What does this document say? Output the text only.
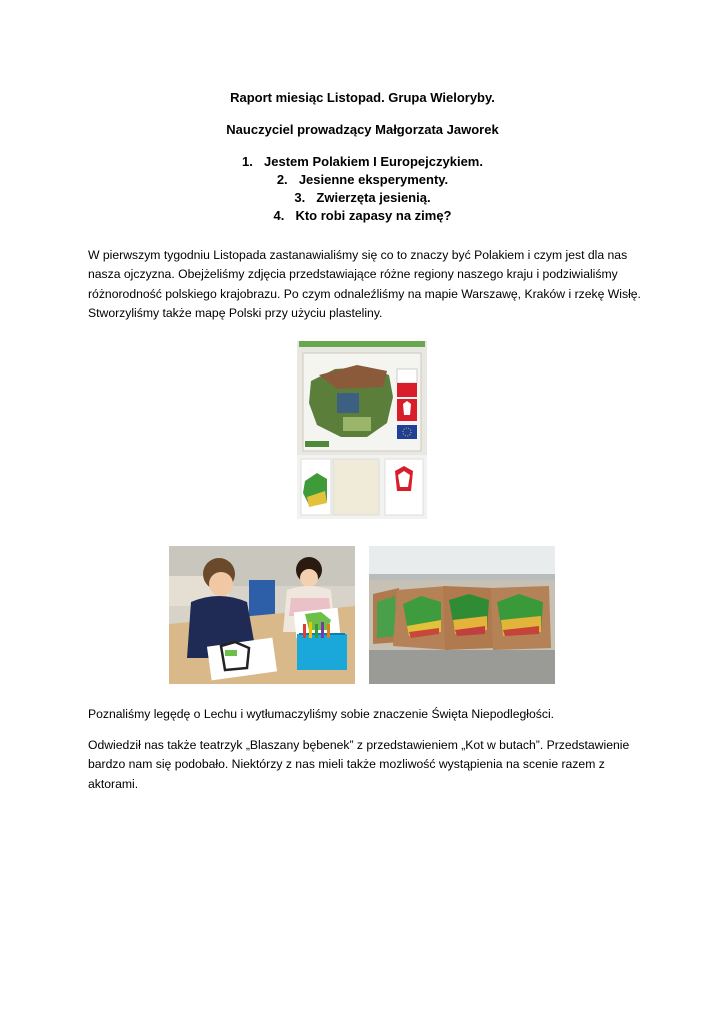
Raport miesiąc Listopad. Grupa Wieloryby.

Nauczyciel prowadzący Małgorzata Jaworek

1. Jestem Polakiem I Europejczykiem.
2. Jesienne eksperymenty.
3. Zwierzęta jesienią.
4. Kto robi zapasy na zimę?

W pierwszym tygodniu Listopada zastanawialiśmy się co to znaczy być Polakiem i czym jest dla nas nasza ojczyzna. Obejżeliśmy zdjęcia przedstawiające różne regiony naszego kraju i podziwialiśmy różnorodność polskiego krajobrazu. Po czym odnaleźliśmy na mapie Warszawę, Kraków i rzekę Wisłę. Stworzyliśmy także mapę Polski przy użyciu plasteliny.

Poznaliśmy legędę o Lechu i wytłumaczyliśmy sobie znaczenie Święta Niepodległości.

Odwiedził nas także teatrzyk „Blaszany bębenek” z przedstawieniem „Kot w butach”. Przedstawienie bardzo nam się podobało. Niektórzy z nas mieli także mozliwość wystąpienia na scenie razem z aktorami.
